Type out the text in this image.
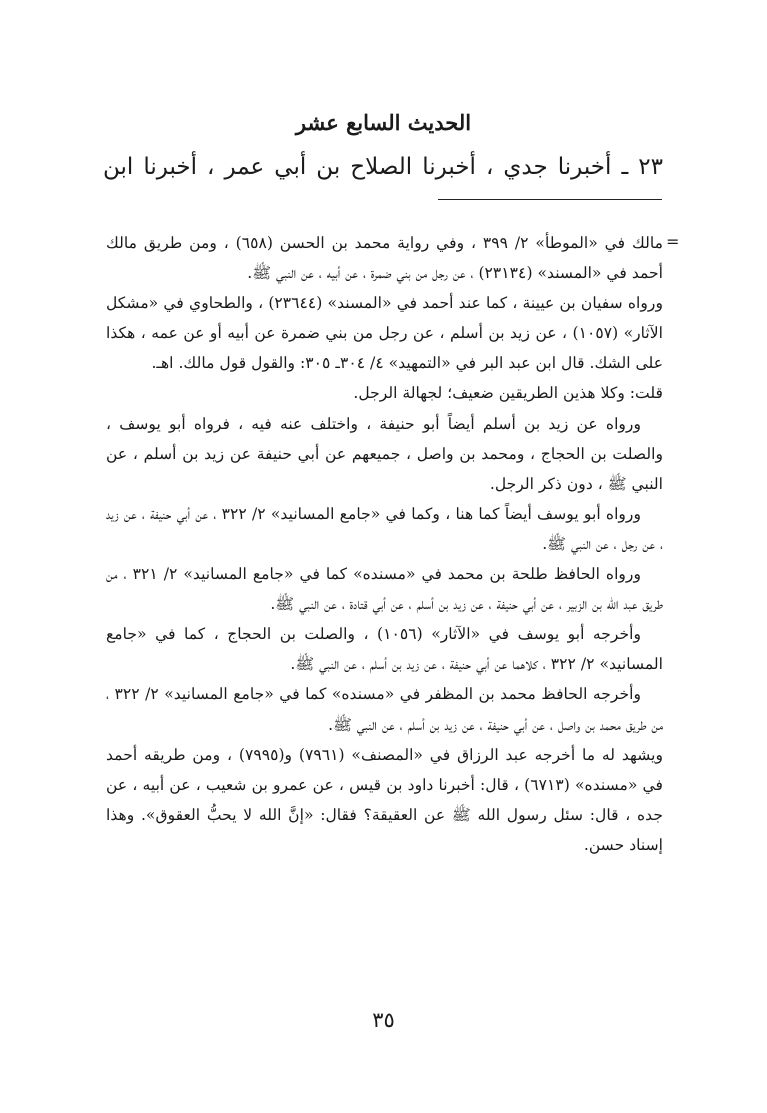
الحديث السابع عشر
٢٣ ـ أخبرنا جدي ، أخبرنا الصلاح بن أبي عمر ، أخبرنا ابن
=

مالك في «الموطأ» ٢/ ٣٩٩ ، وفي رواية محمد بن الحسن (٦٥٨) ، ومن طريق مالك أحمد في «المسند» (٢٣١٣٤) ، عن رجل من بني ضمرة ، عن أبيه ، عن النبي ﷺ.

ورواه سفيان بن عيينة ، كما عند أحمد في «المسند» (٢٣٦٤٤) ، والطحاوي في «مشكل الآثار» (١٠٥٧) ، عن زيد بن أسلم ، عن رجل من بني ضمرة عن أبيه أو عن عمه ، هكذا على الشك. قال ابن عبد البر في «التمهيد» ٤/ ٣٠٤ـ ٣٠٥: والقول قول مالك. اهـ.

قلت: وكلا هذين الطريقين ضعيف؛ لجهالة الرجل.

ورواه عن زيد بن أسلم أيضاً أبو حنيفة ، واختلف عنه فيه ، فرواه أبو يوسف ، والصلت بن الحجاج ، ومحمد بن واصل ، جميعهم عن أبي حنيفة عن زيد بن أسلم ، عن النبي ﷺ ، دون ذكر الرجل.

ورواه أبو يوسف أيضاً كما هنا ، وكما في «جامع المسانيد» ٢/ ٣٢٢ ، عن أبي حنيفة ، عن زيد ، عن رجل ، عن النبي ﷺ.

ورواه الحافظ طلحة بن محمد في «مسنده» كما في «جامع المسانيد» ٢/ ٣٢١ ، من طريق عبد الله بن الزبير ، عن أبي حنيفة ، عن زيد بن أسلم ، عن أبي قتادة ، عن النبي ﷺ.

وأخرجه أبو يوسف في «الآثار» (١٠٥٦) ، والصلت بن الحجاج ، كما في «جامع المسانيد» ٢/ ٣٢٢ ، كلاهما عن أبي حنيفة ، عن زيد بن أسلم ، عن النبي ﷺ.

وأخرجه الحافظ محمد بن المظفر في «مسنده» كما في «جامع المسانيد» ٢/ ٣٢٢ ، من طريق محمد بن واصل ، عن أبي حنيفة ، عن زيد بن أسلم ، عن النبي ﷺ.

ويشهد له ما أخرجه عبد الرزاق في «المصنف» (٧٩٦١) و(٧٩٩٥) ، ومن طريقه أحمد في «مسنده» (٦٧١٣) ، قال: أخبرنا داود بن قيس ، عن عمرو بن شعيب ، عن أبيه ، عن جده ، قال: سئل رسول الله ﷺ عن العقيقة؟ فقال: «إنَّ الله لا يحبُّ العقوق». وهذا إسناد حسن.

٣٥
